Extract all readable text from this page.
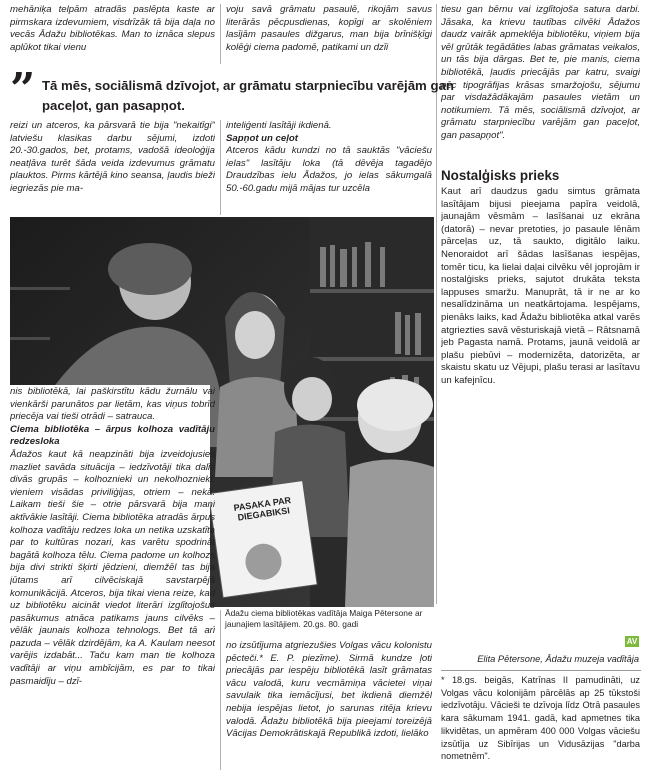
mehāniķa telpām atradās paslēpta kaste ar pirmskara izdevumiem, visdrīzāk tā bija daļa no vecās Ādažu bibliotēkas. Man to iznāca slepus aplūkot tikai vienu

voju savā grāmatu pasaulē, rikojām savus literārās pēcpusdienas, kopīgi ar skolēniem lasījām pasaules dižgarus, man bija brīnišķīgi kolēģi ciema padomē, patikami un dzīi

” Tā mēs, sociālismā dzīvojot, ar grāmatu starpniecību varējām gan paceļot, gan pasapņot.

reizi un atceros, ka pārsvarā tie bija "nekaitīgi" latviešu klasikas darbu sējumi, izdoti 20.-30.gados, bet, protams, vadošā ideoloģija neatļāva turēt šāda veida izdevumus grāmatu plauktos. Pirms kārtējā kino seansa, ļaudis bieži iegriezās pie ma-

inteliģenti lasītāji ikdienā.

Sapņot un ceļot

Atceros kādu kundzi no tā sauktās "vāciešu ielas" lasītāju loka (tā dēvēja tagadējo Draudzības ielu Ādažos, jo ielas sākumgalā 50.-60.gadu mijā mājas tur uzcēla

PASAKA PAR DIEGABIKSI

nis bibliotēkā, lai paškirstītu kādu žurnālu vai vienkārši parunātos par lietām, kas viņus tobrīd priecēja vai tieši otrādi – satrauca.

Ciema bibliotēka – ārpus kolhoza vadītāju redzesloka

Ādažos kaut kā neapzināti bija izveidojusies mazliet savāda situācija – iedzīvotāji tika dalīti divās grupās – kolhoznieki un nekolhoznieki: vieniem visādas priviliģijas, otriem – nekā. Laikam tieši šie – otrie pārsvarā bija mani aktīvākie lasītāji. Ciema bibliotēka atradās ārpus kolhoza vadītāju redzes loka un netika uzskatīta par to kultūras nozari, kas varētu spodrināt bagātā kolhoza tēlu. Ciema padome un kolhozs bija divi strikti šķirti jēdzieni, diemžēl tas bija jūtams arī cilvēciskajā savstarpējā komunikācijā. Atceros, bija tikai viena reize, kad uz bibliotēku aicināt viedot literāri izglītojošus pasākumus atnāca patikams jauns cilvēks – vēlāk jaunais kolhoza tehnologs. Bet tā arī pazuda – vēlāk dzirdējām, ka A. Kaulam neesot varējis izdabāt... Taču kam man tie kolhoza vadītāji ar viņu ambīcijām, es par to tikai pasmaidīju – dzī-

Ādažu ciema bibliotēkas vadītāja Maiga Pētersone ar jaunajiem lasītājiem. 20.gs. 80. gadi

no izsūtījuma atgriezušies Volgas vācu kolonistu pēcteči.* E. P. piezīme). Sirmā kundze ļoti priecājās par iespēju bibliotēkā lasīt grāmatas vācu valodā, kuru vecmāmiņa vācietei viņai savulaik tika iemācījusi, bet ikdienā diemžēl nebija iespējas lietot, jo sarunas ritēja krievu valodā. Ādažu bibliotēkā bija pieejami toreizējā Vācijas Demokrātiskajā Republikā izdoti, lielāko

tiesu gan bērnu vai izglītojoša satura darbi. Jāsaka, ka krievu tautības cilvēki Ādažos daudz vairāk apmeklēja bibliotēku, viņiem bija vēl grūtāk tegādāties labas grāmatas veikalos, un tās bija dārgas. Bet te, pie manis, ciema bibliotēkā, ļaudis priecājās par katru, svaigi pēc tipogrāfijas krāsas smaržojošu, sējumu par visdažādākajām pasaules vietām un notikumiem. Tā mēs, sociālismā dzīvojot, ar grāmatu starpniecību varējām gan paceļot, gan pasapņot".

Nostalģisks prieks

Kaut arī daudzus gadu simtus grāmata lasītājam bijusi pieejama papīra veidolā, jaunajām vēsmām – lasīšanai uz ekrāna (datorā) – nevar pretoties, jo pasaule lēnām pārceļas uz, tā saukto, digitālo laiku. Nenoraidot arī šādas lasīšanas iespējas, tomēr ticu, ka lielai daļai cilvēku vēl joprojām ir nostalģisks prieks, sajutot drukāta teksta lappuses smaržu. Manuprāt, tā ir ne ar ko nesalīdzināma un neatkārtojama. Iespējams, pienāks laiks, kad Ādažu bibliotēka atkal varēs atgriezties savā vēsturiskajā vietā – Rātsnamā jeb Pagasta namā. Protams, jaunā veidolā ar plašu piebūvi – modernizēta, datorizēta, ar skaistu skatu uz Vējupi, plašu terasi ar lasītavu un kafejnīcu.

AV
Elita Pētersone, Ādažu muzeja vadītāja
* 18.gs. beigās, Katrīnas II pamudināti, uz Volgas vācu kolonijām pārcēlās ap 25 tūkstoši iedzīvotāju. Vācieši te dzīvoja līdz Otrā pasaules kara sākumam 1941. gadā, kad apmetnes tika likvidētas, un apmēram 400 000 Volgas vāciešu izsūtīja uz Sibīrijas un Vidusāzijas "darba nometnēm".
